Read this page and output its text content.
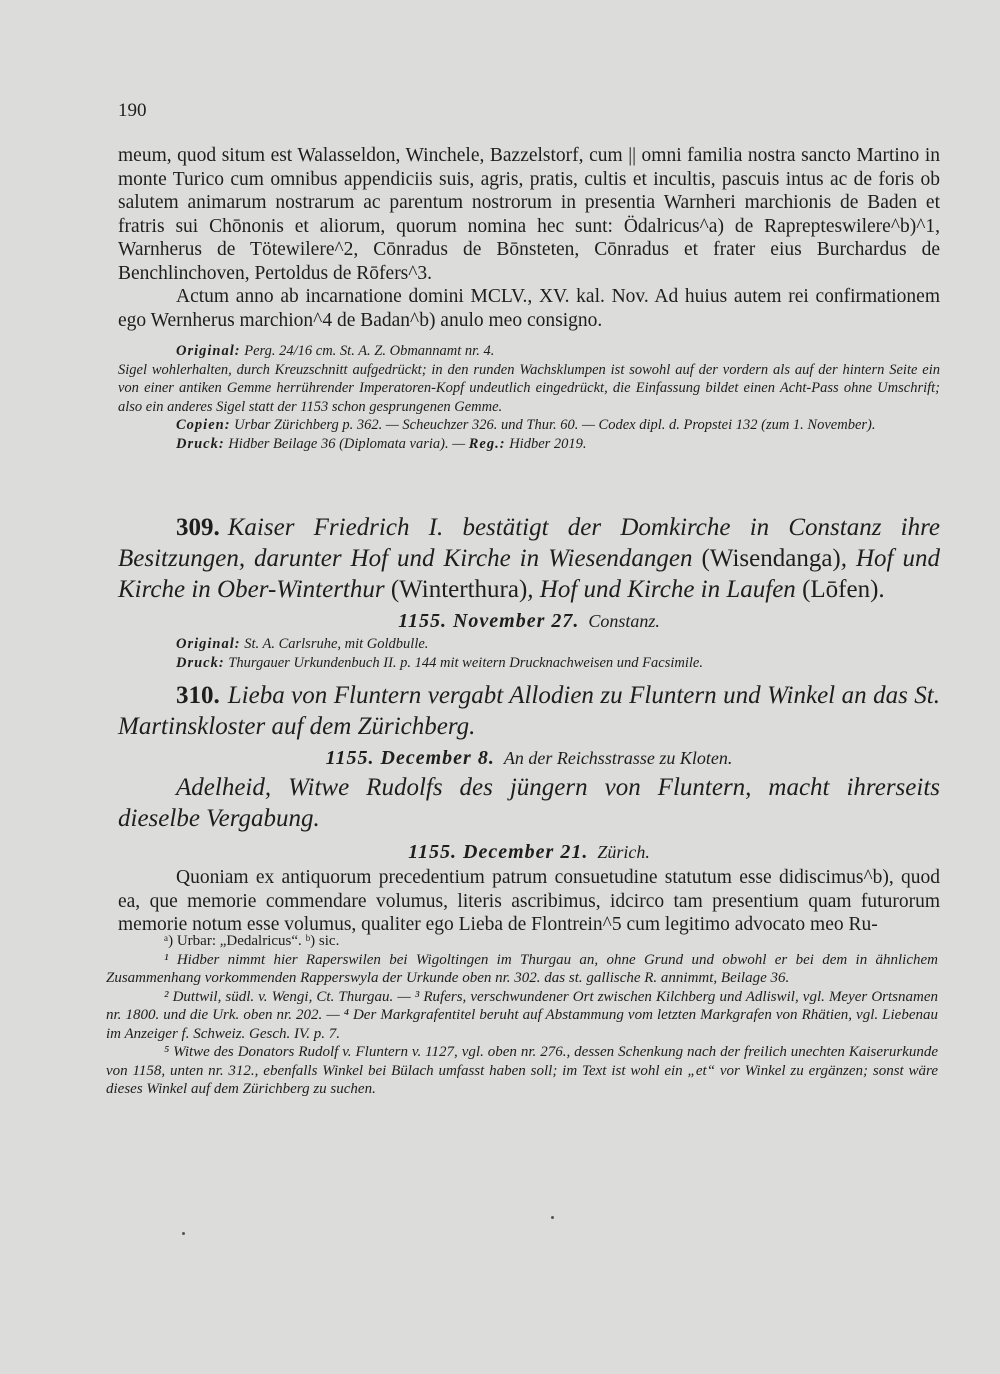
190

meum, quod situm est Walasseldon, Winchele, Bazzelstorf, cum || omni familia nostra sancto Martino in monte Turico cum omnibus appendiciis suis, agris, pratis, cultis et incultis, pascuis intus ac de foris ob salutem animarum nostrarum ac parentum nostrorum in presentia Warnheri marchionis de Baden et fratris sui Chōnonis et aliorum, quorum nomina hec sunt: Ödalricus^a) de Raprepteswilere^b)^1, Warnherus de Tötewilere^2, Cōnradus de Bōnsteten, Cōnradus et frater eius Burchardus de Benchlinchoven, Pertoldus de Rōfers^3.

Actum anno ab incarnatione domini MCLV., XV. kal. Nov. Ad huius autem rei confirmationem ego Wernherus marchion^4 de Badan^b) anulo meo consigno.

Original: Perg. 24/16 cm. St. A. Z. Obmannamt nr. 4.

Sigel wohlerhalten, durch Kreuzschnitt aufgedrückt; in den runden Wachsklumpen ist sowohl auf der vordern als auf der hintern Seite ein von einer antiken Gemme herrührender Imperatoren-Kopf undeutlich eingedrückt, die Einfassung bildet einen Acht-Pass ohne Umschrift; also ein anderes Sigel statt der 1153 schon gesprungenen Gemme.

Copien: Urbar Zürichberg p. 362. — Scheuchzer 326. und Thur. 60. — Codex dipl. d. Propstei 132 (zum 1. November).

Druck: Hidber Beilage 36 (Diplomata varia). — Reg.: Hidber 2019.

309. Kaiser Friedrich I. bestätigt der Domkirche in Constanz ihre Besitzungen, darunter Hof und Kirche in Wiesendangen (Wisendanga), Hof und Kirche in Ober-Winterthur (Winterthura), Hof und Kirche in Laufen (Lōfen).

1155. November 27. Constanz.

Original: St. A. Carlsruhe, mit Goldbulle.

Druck: Thurgauer Urkundenbuch II. p. 144 mit weitern Drucknachweisen und Facsimile.

310. Lieba von Fluntern vergabt Allodien zu Fluntern und Winkel an das St. Martinskloster auf dem Zürichberg.

1155. December 8. An der Reichsstrasse zu Kloten.

Adelheid, Witwe Rudolfs des jüngern von Fluntern, macht ihrerseits dieselbe Vergabung.

1155. December 21. Zürich.

Quoniam ex antiquorum precedentium patrum consuetudine statutum esse didiscimus^b), quod ea, que memorie commendare volumus, literis ascribimus, idcirco tam presentium quam futurorum memorie notum esse volumus, qualiter ego Lieba de Flontrein^5 cum legitimo advocato meo Ru-

ᵃ) Urbar: „Dedalricus“. ᵇ) sic.

¹ Hidber nimmt hier Raperswilen bei Wigoltingen im Thurgau an, ohne Grund und obwohl er bei dem in ähnlichem Zusammenhang vorkommenden Rapperswyla der Urkunde oben nr. 302. das st. gallische R. annimmt, Beilage 36.

² Duttwil, südl. v. Wengi, Ct. Thurgau. — ³ Rufers, verschwundener Ort zwischen Kilchberg und Adliswil, vgl. Meyer Ortsnamen nr. 1800. und die Urk. oben nr. 202. — ⁴ Der Markgrafentitel beruht auf Abstammung vom letzten Markgrafen von Rhätien, vgl. Liebenau im Anzeiger f. Schweiz. Gesch. IV. p. 7.

⁵ Witwe des Donators Rudolf v. Fluntern v. 1127, vgl. oben nr. 276., dessen Schenkung nach der freilich unechten Kaiserurkunde von 1158, unten nr. 312., ebenfalls Winkel bei Bülach umfasst haben soll; im Text ist wohl ein „et“ vor Winkel zu ergänzen; sonst wäre dieses Winkel auf dem Zürichberg zu suchen.
